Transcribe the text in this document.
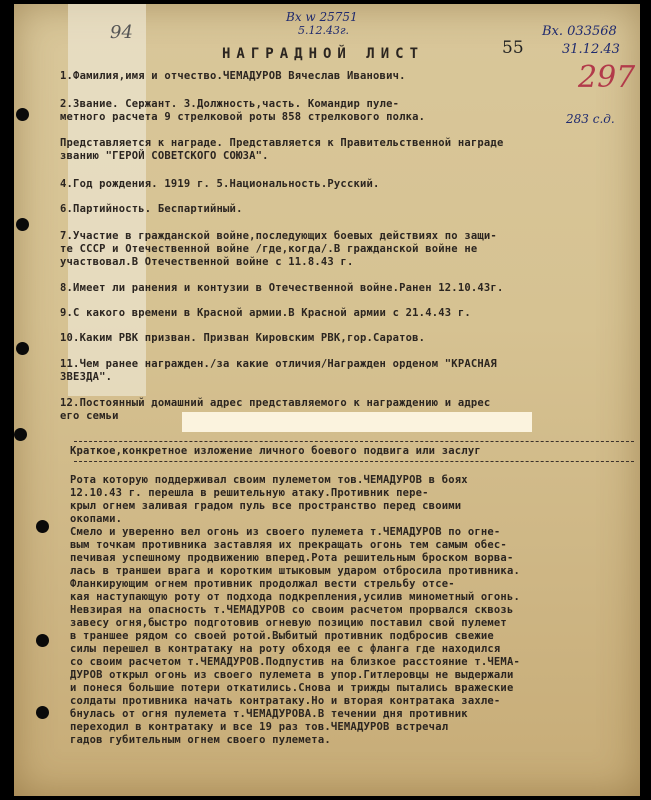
94
Bx w 25751
5.12.43г.
55
Bx. 033568
31.12.43
297
283 с.д.
НАГРАДНОЙ ЛИСТ
1.Фамилия,имя и отчество.ЧЕМАДУРОВ Вячеслав Иванович.
2.Звание. Сержант. 3.Должность,часть. Командир пуле-
метного расчета 9 стрелковой роты 858 стрелкового полка.
Представляется к награде. Представляется к Правительственной награде
званию "ГЕРОЙ СОВЕТСКОГО СОЮЗА".
4.Год рождения. 1919 г. 5.Национальность.Русский.
6.Партийность. Беспартийный.
7.Участие в гражданской войне,последующих боевых действиях по защи-
те СССР и Отечественной войне /где,когда/.В гражданской войне не
участвовал.В Отечественной войне с 11.8.43 г.
8.Имеет ли ранения и контузии в Отечественной войне.Ранен 12.10.43г.
9.С какого времени в Красной армии.В Красной армии с 21.4.43 г.
10.Каким РВК призван. Призван Кировским РВК,гор.Саратов.
11.Чем ранее награжден./за какие отличия/Награжден орденом "КРАСНАЯ
ЗВЕЗДА".
12.Постоянный домашний адрес представляемого к награждению и адрес
его семьи
Краткое,конкретное изложение личного боевого подвига или заслуг
Рота которую поддерживал своим пулеметом тов.ЧЕМАДУРОВ в боях
12.10.43 г. перешла в решительную атаку.Противник пере-
крыл огнем заливая градом пуль все пространство перед своими
окопами.
Смело и уверенно вел огонь из своего пулемета т.ЧЕМАДУРОВ по огне-
вым точкам противника заставляя их прекращать огонь тем самым обес-
печивая успешному продвижению вперед.Рота решительным броском ворва-
лась в траншеи врага и коротким штыковым ударом отбросила противника.
Фланкирующим огнем противник продолжал вести стрельбу отсе-
кая наступающую роту от подхода подкрепления,усилив минометный огонь.
Невзирая на опасность т.ЧЕМАДУРОВ со своим расчетом прорвался сквозь
завесу огня,быстро подготовив огневую позицию поставил свой пулемет
в траншее рядом со своей ротой.Выбитый противник подбросив свежие
силы перешел в контратаку на роту обходя ее с фланга где находился
со своим расчетом т.ЧЕМАДУРОВ.Подпустив на близкое расстояние т.ЧЕМА-
ДУРОВ открыл огонь из своего пулемета в упор.Гитлеровцы не выдержали
и понеся большие потери откатились.Снова и трижды пытались вражеские
солдаты противника начать контратаку.Но и вторая контратака захле-
бнулась от огня пулемета т.ЧЕМАДУРОВА.В течении дня противник
переходил в контратаку и все 19 раз тов.ЧЕМАДУРОВ встречал
гадов губительным огнем своего пулемета.
